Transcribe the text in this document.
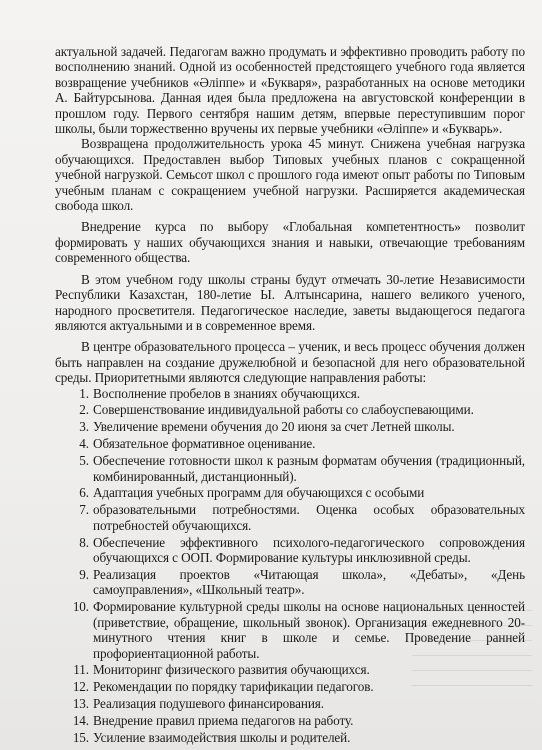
актуальной задачей. Педагогам важно продумать и эффективно проводить работу по восполнению знаний. Одной из особенностей предстоящего учебного года является возвращение учебников «Әліппе» и «Букваря», разработанных на основе методики А. Байтурсынова. Данная идея была предложена на августовской конференции в прошлом году. Первого сентября нашим детям, впервые переступившим порог школы, были торжественно вручены их первые учебники «Әліппе» и «Букварь».

Возвращена продолжительность урока 45 минут. Снижена учебная нагрузка обучающихся. Предоставлен выбор Типовых учебных планов с сокращенной учебной нагрузкой. Семьсот школ с прошлого года имеют опыт работы по Типовым учебным планам с сокращением учебной нагрузки. Расширяется академическая свобода школ.

Внедрение курса по выбору «Глобальная компетентность» позволит формировать у наших обучающихся знания и навыки, отвечающие требованиям современного общества.

В этом учебном году школы страны будут отмечать 30-летие Независимости Республики Казахстан, 180-летие Ы. Алтынсарина, нашего великого ученого, народного просветителя. Педагогическое наследие, заветы выдающегося педагога являются актуальными и в современное время.

В центре образовательного процесса – ученик, и весь процесс обучения должен быть направлен на создание дружелюбной и безопасной для него образовательной среды. Приоритетными являются следующие направления работы:

1. Восполнение пробелов в знаниях обучающихся.
2. Совершенствование индивидуальной работы со слабоуспевающими.
3. Увеличение времени обучения до 20 июня за счет Летней школы.
4. Обязательное формативное оценивание.
5. Обеспечение готовности школ к разным форматам обучения (традиционный, комбинированный, дистанционный).
6. Адаптация учебных программ для обучающихся с особыми
7. образовательными потребностями. Оценка особых образовательных потребностей обучающихся.
8. Обеспечение эффективного психолого-педагогического сопровождения обучающихся с ООП. Формирование культуры инклюзивной среды.
9. Реализация проектов «Читающая школа», «Дебаты», «День самоуправления», «Школьный театр».
10. Формирование культурной среды школы на основе национальных ценностей (приветствие, обращение, школьный звонок). Организация ежедневного 20-минутного чтения книг в школе и семье. Проведение ранней профориентационной работы.
11. Мониторинг физического развития обучающихся.
12. Рекомендации по порядку тарификации педагогов.
13. Реализация подушевого финансирования.
14. Внедрение правил приема педагогов на работу.
15. Усиление взаимодействия школы и родителей.
